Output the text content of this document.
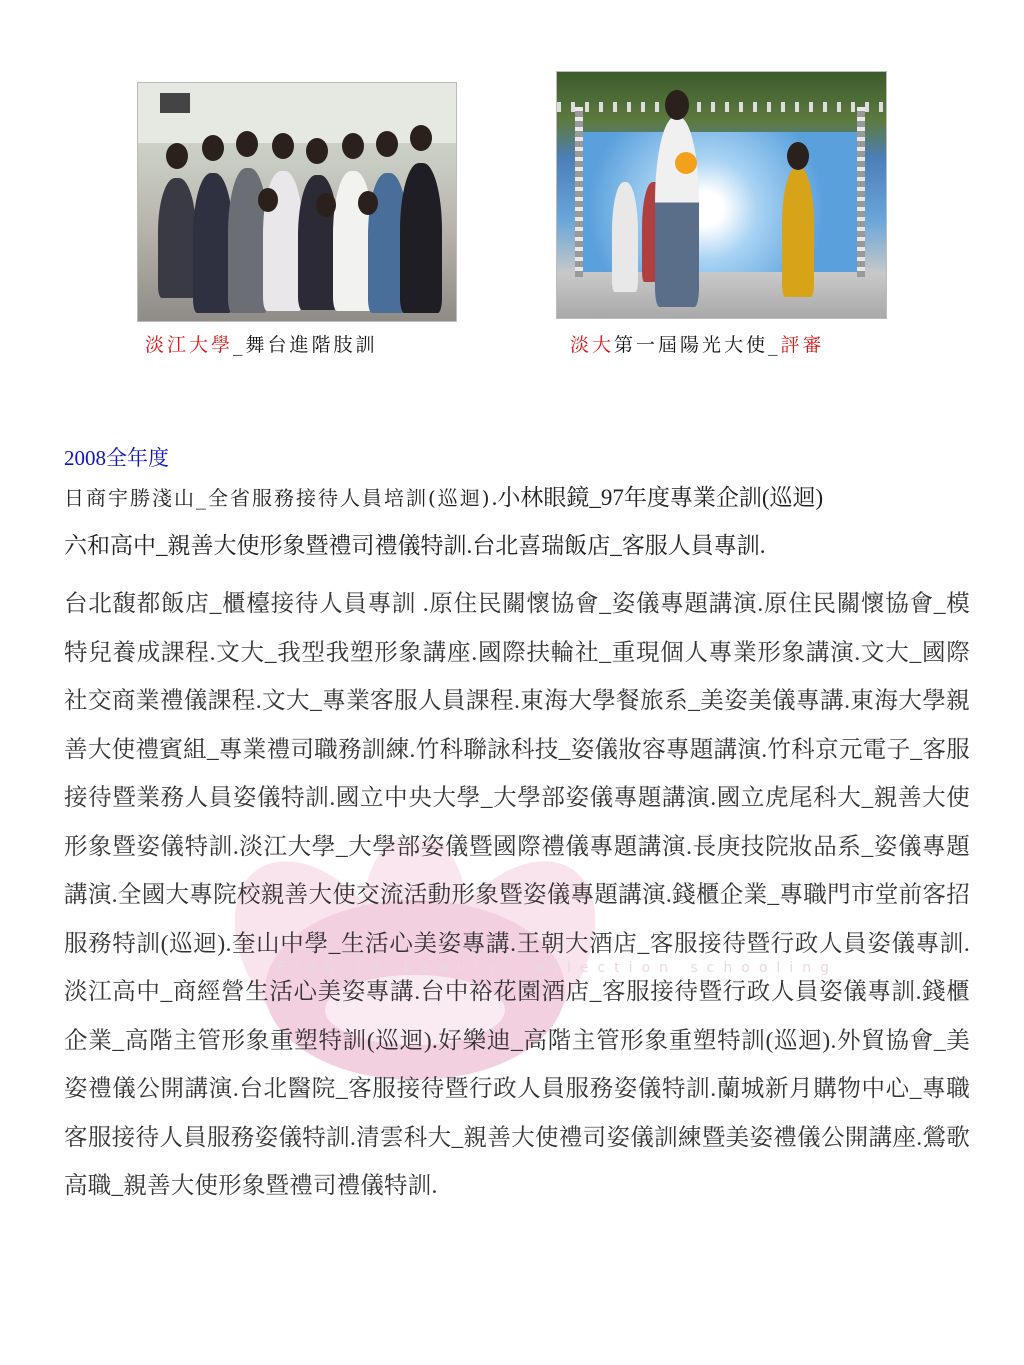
淡江大學_舞台進階肢訓	淡大第一屆陽光大使_評審
Fion La beauty collection schooling
2008全年度
日商宇勝淺山_全省服務接待人員培訓(巡迴).小林眼鏡_97年度專業企訓(巡迴)
六和高中_親善大使形象暨禮司禮儀特訓.台北喜瑞飯店_客服人員專訓.
台北馥都飯店_櫃檯接待人員專訓 .原住民關懷協會_姿儀專題講演.原住民關懷協會_模特兒養成課程.文大_我型我塑形象講座.國際扶輪社_重現個人專業形象講演.文大_國際社交商業禮儀課程.文大_專業客服人員課程.東海大學餐旅系_美姿美儀專講.東海大學親善大使禮賓組_專業禮司職務訓練.竹科聯詠科技_姿儀妝容專題講演.竹科京元電子_客服接待暨業務人員姿儀特訓.國立中央大學_大學部姿儀專題講演.國立虎尾科大_親善大使形象暨姿儀特訓.淡江大學_大學部姿儀暨國際禮儀專題講演.長庚技院妝品系_姿儀專題講演.全國大專院校親善大使交流活動形象暨姿儀專題講演.錢櫃企業_專職門市堂前客招服務特訓(巡迴).奎山中學_生活心美姿專講.王朝大酒店_客服接待暨行政人員姿儀專訓.淡江高中_商經營生活心美姿專講.台中裕花園酒店_客服接待暨行政人員姿儀專訓.錢櫃企業_高階主管形象重塑特訓(巡迴).好樂迪_高階主管形象重塑特訓(巡迴).外貿協會_美姿禮儀公開講演.台北醫院_客服接待暨行政人員服務姿儀特訓.蘭城新月購物中心_專職客服接待人員服務姿儀特訓.清雲科大_親善大使禮司姿儀訓練暨美姿禮儀公開講座.鶯歌高職_親善大使形象暨禮司禮儀特訓.
